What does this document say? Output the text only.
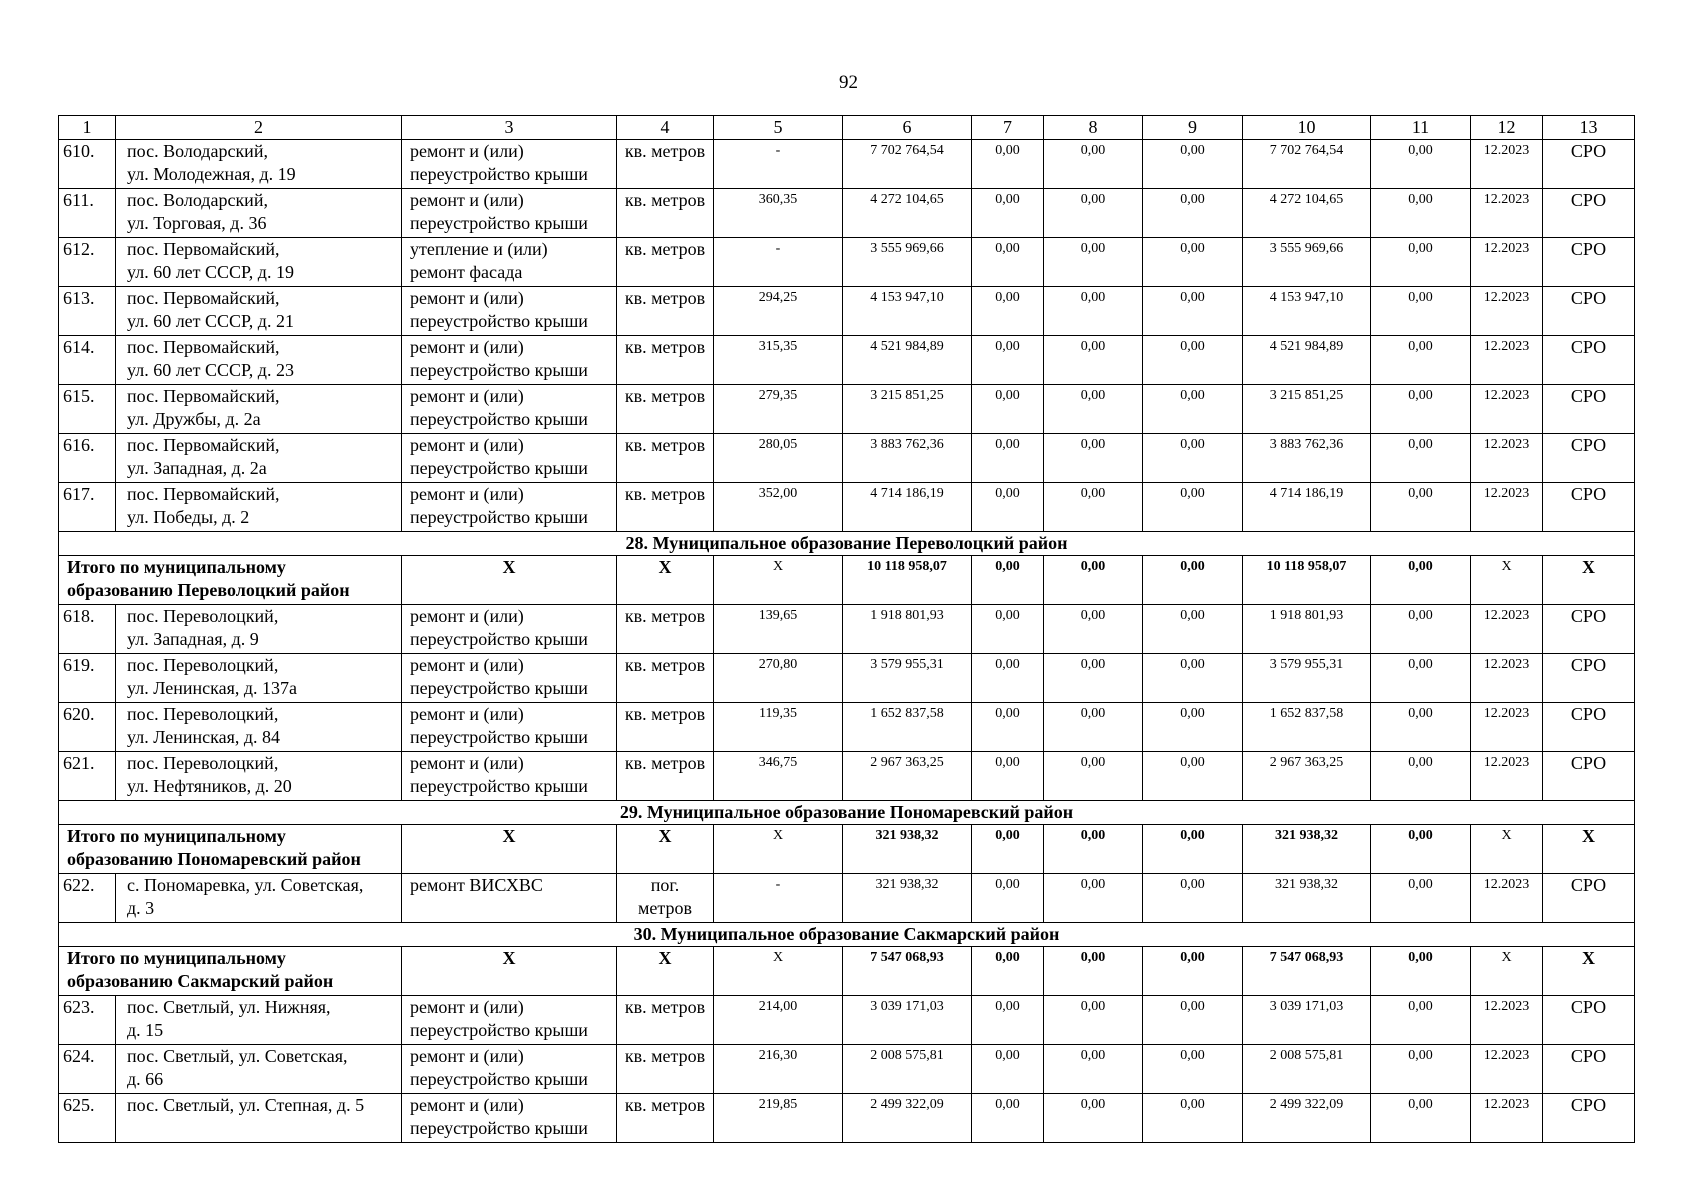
92
1	2	3	4	5	6	7	8	9	10	11	12	13
610.	пос. Володарский,
ул. Молодежная, д. 19	ремонт и (или)
переустройство крыши	кв. метров	-	7 702 764,54	0,00	0,00	0,00	7 702 764,54	0,00	12.2023	СРО
611.	пос. Володарский,
ул. Торговая, д. 36	ремонт и (или)
переустройство крыши	кв. метров	360,35	4 272 104,65	0,00	0,00	0,00	4 272 104,65	0,00	12.2023	СРО
612.	пос. Первомайский,
ул. 60 лет СССР, д. 19	утепление и (или)
ремонт фасада	кв. метров	-	3 555 969,66	0,00	0,00	0,00	3 555 969,66	0,00	12.2023	СРО
613.	пос. Первомайский,
ул. 60 лет СССР, д. 21	ремонт и (или)
переустройство крыши	кв. метров	294,25	4 153 947,10	0,00	0,00	0,00	4 153 947,10	0,00	12.2023	СРО
614.	пос. Первомайский,
ул. 60 лет СССР, д. 23	ремонт и (или)
переустройство крыши	кв. метров	315,35	4 521 984,89	0,00	0,00	0,00	4 521 984,89	0,00	12.2023	СРО
615.	пос. Первомайский,
ул. Дружбы, д. 2а	ремонт и (или)
переустройство крыши	кв. метров	279,35	3 215 851,25	0,00	0,00	0,00	3 215 851,25	0,00	12.2023	СРО
616.	пос. Первомайский,
ул. Западная, д. 2а	ремонт и (или)
переустройство крыши	кв. метров	280,05	3 883 762,36	0,00	0,00	0,00	3 883 762,36	0,00	12.2023	СРО
617.	пос. Первомайский,
ул. Победы, д. 2	ремонт и (или)
переустройство крыши	кв. метров	352,00	4 714 186,19	0,00	0,00	0,00	4 714 186,19	0,00	12.2023	СРО
28. Муниципальное образование Переволоцкий район												
Итого по муниципальному
образованию Переволоцкий район		X	X	X	10 118 958,07	0,00	0,00	0,00	10 118 958,07	0,00	X	X
618.	пос. Переволоцкий,
ул. Западная, д. 9	ремонт и (или)
переустройство крыши	кв. метров	139,65	1 918 801,93	0,00	0,00	0,00	1 918 801,93	0,00	12.2023	СРО
619.	пос. Переволоцкий,
ул. Ленинская, д. 137а	ремонт и (или)
переустройство крыши	кв. метров	270,80	3 579 955,31	0,00	0,00	0,00	3 579 955,31	0,00	12.2023	СРО
620.	пос. Переволоцкий,
ул. Ленинская, д. 84	ремонт и (или)
переустройство крыши	кв. метров	119,35	1 652 837,58	0,00	0,00	0,00	1 652 837,58	0,00	12.2023	СРО
621.	пос. Переволоцкий,
ул. Нефтяников, д. 20	ремонт и (или)
переустройство крыши	кв. метров	346,75	2 967 363,25	0,00	0,00	0,00	2 967 363,25	0,00	12.2023	СРО
29. Муниципальное образование Пономаревский район												
Итого по муниципальному
образованию Пономаревский район		X	X	X	321 938,32	0,00	0,00	0,00	321 938,32	0,00	X	X
622.	с. Пономаревка, ул. Советская,
д. 3	ремонт ВИСХВС	пог.
метров	-	321 938,32	0,00	0,00	0,00	321 938,32	0,00	12.2023	СРО
30. Муниципальное образование Сакмарский район												
Итого по муниципальному
образованию Сакмарский район		X	X	X	7 547 068,93	0,00	0,00	0,00	7 547 068,93	0,00	X	X
623.	пос. Светлый, ул. Нижняя,
д. 15	ремонт и (или)
переустройство крыши	кв. метров	214,00	3 039 171,03	0,00	0,00	0,00	3 039 171,03	0,00	12.2023	СРО
624.	пос. Светлый, ул. Советская,
д. 66	ремонт и (или)
переустройство крыши	кв. метров	216,30	2 008 575,81	0,00	0,00	0,00	2 008 575,81	0,00	12.2023	СРО
625.	пос. Светлый, ул. Степная, д. 5	ремонт и (или)
переустройство крыши	кв. метров	219,85	2 499 322,09	0,00	0,00	0,00	2 499 322,09	0,00	12.2023	СРО
